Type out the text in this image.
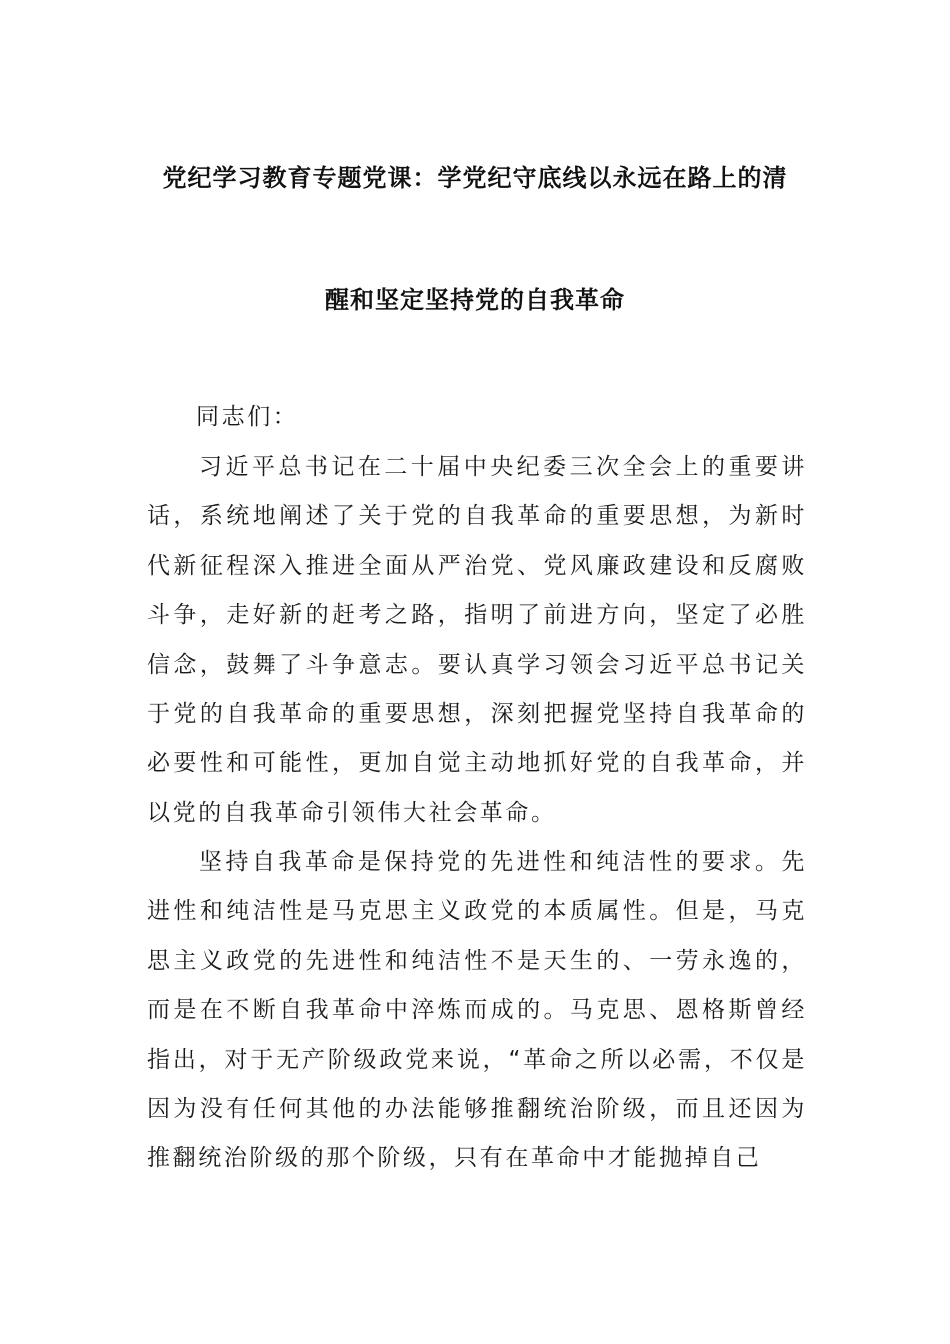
党纪学习教育专题党课：学党纪守底线以永远在路上的清
醒和坚定坚持党的自我革命

同志们：

习近平总书记在二十届中央纪委三次全会上的重要讲话，系统地阐述了关于党的自我革命的重要思想，为新时代新征程深入推进全面从严治党、党风廉政建设和反腐败斗争，走好新的赶考之路，指明了前进方向，坚定了必胜信念，鼓舞了斗争意志。要认真学习领会习近平总书记关于党的自我革命的重要思想，深刻把握党坚持自我革命的必要性和可能性，更加自觉主动地抓好党的自我革命，并以党的自我革命引领伟大社会革命。

坚持自我革命是保持党的先进性和纯洁性的要求。先进性和纯洁性是马克思主义政党的本质属性。但是，马克思主义政党的先进性和纯洁性不是天生的、一劳永逸的，而是在不断自我革命中淬炼而成的。马克思、恩格斯曾经指出，对于无产阶级政党来说，“革命之所以必需，不仅是因为没有任何其他的办法能够推翻统治阶级，而且还因为推翻统治阶级的那个阶级，只有在革命中才能抛掉自己
